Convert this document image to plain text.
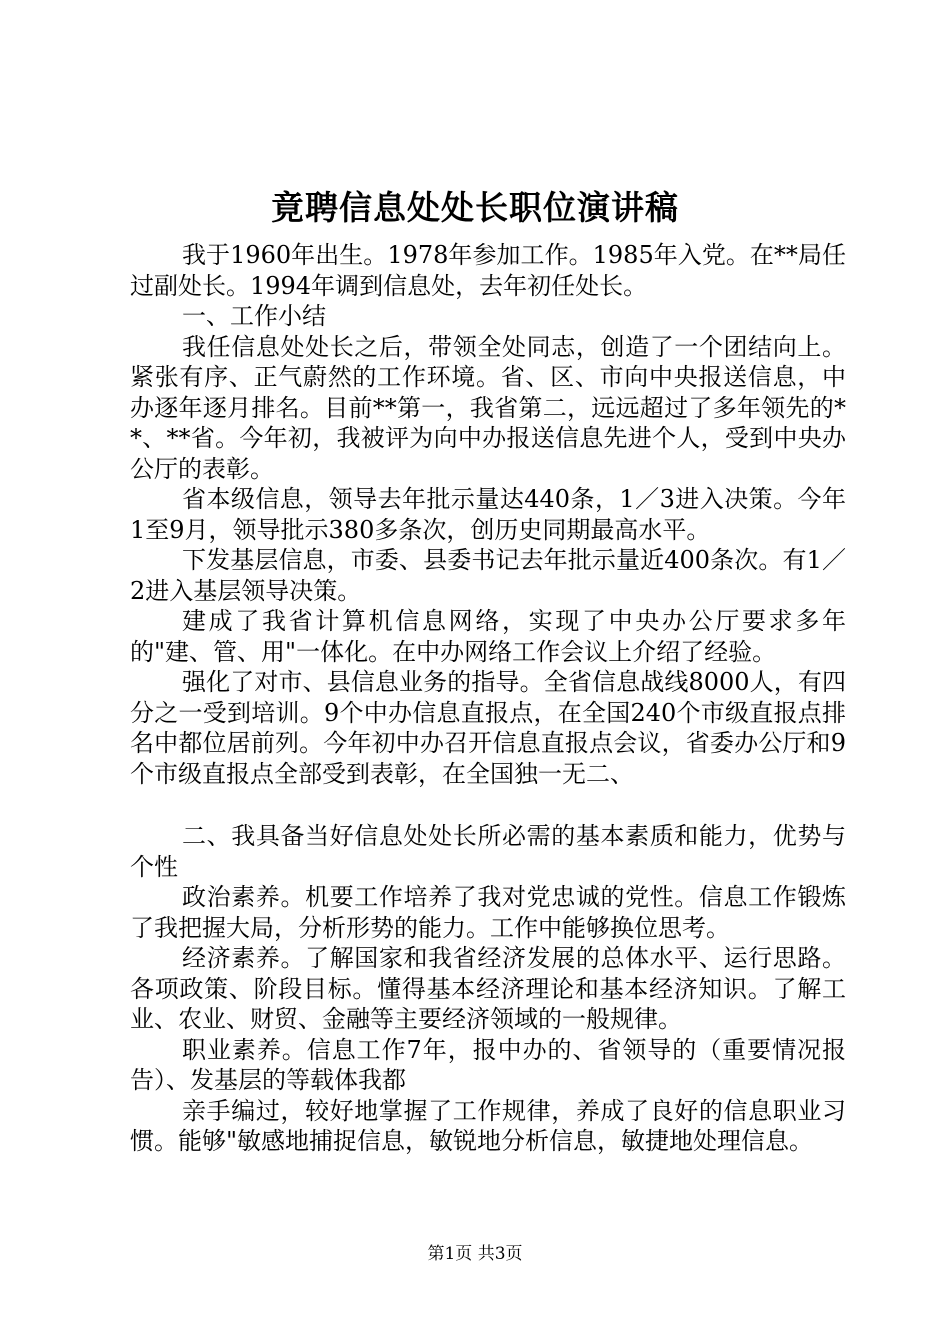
竟聘信息处处长职位演讲稿

我于1960年出生。1978年参加工作。1985年入党。在**局任过副处长。1994年调到信息处，去年初任处长。

一、工作小结

我任信息处处长之后，带领全处同志，创造了一个团结向上。紧张有序、正气蔚然的工作环境。省、区、市向中央报送信息，中办逐年逐月排名。目前**第一，我省第二，远远超过了多年领先的**、**省。今年初，我被评为向中办报送信息先进个人，受到中央办公厅的表彰。

省本级信息，领导去年批示量达440条，1／3进入决策。今年1至9月，领导批示380多条次，创历史同期最高水平。

下发基层信息，市委、县委书记去年批示量近400条次。有1／2进入基层领导决策。

建成了我省计算机信息网络，实现了中央办公厅要求多年的"建、管、用"一体化。在中办网络工作会议上介绍了经验。

强化了对市、县信息业务的指导。全省信息战线8000人，有四分之一受到培训。9个中办信息直报点，在全国240个市级直报点排名中都位居前列。今年初中办召开信息直报点会议，省委办公厅和9个市级直报点全部受到表彰，在全国独一无二、

二、我具备当好信息处处长所必需的基本素质和能力，优势与个性

政治素养。机要工作培养了我对党忠诚的党性。信息工作锻炼了我把握大局，分析形势的能力。工作中能够换位思考。

经济素养。了解国家和我省经济发展的总体水平、运行思路。各项政策、阶段目标。懂得基本经济理论和基本经济知识。了解工业、农业、财贸、金融等主要经济领域的一般规律。

职业素养。信息工作7年，报中办的、省领导的（重要情况报告）、发基层的等载体我都

亲手编过，较好地掌握了工作规律，养成了良好的信息职业习惯。能够"敏感地捕捉信息，敏锐地分析信息，敏捷地处理信息。

第1页 共3页
